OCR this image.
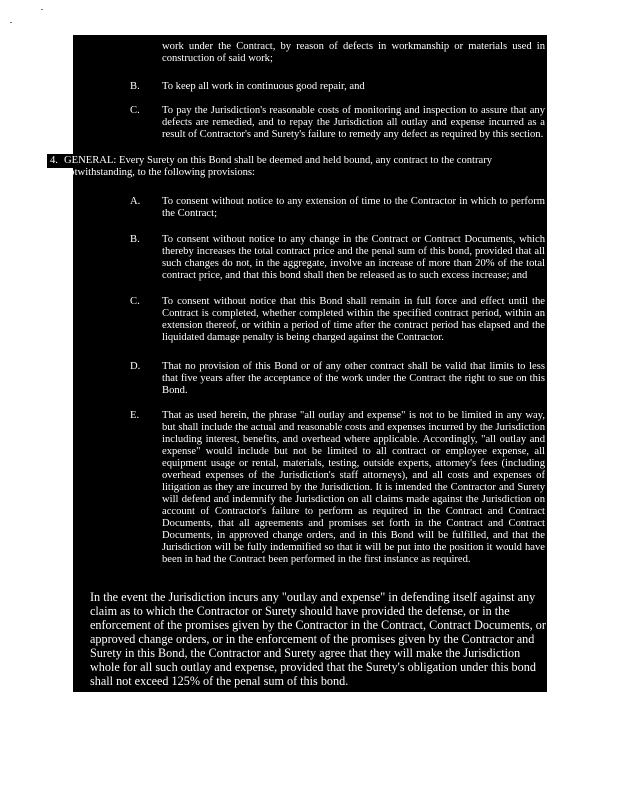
work under the Contract, by reason of defects in workmanship or materials used in
construction of said work;
B. To keep all work in continuous good repair, and
C. To pay the Jurisdiction's reasonable costs of monitoring and inspection to assure that any
defects are remedied, and to repay the Jurisdiction all outlay and expense incurred as a
result of Contractor's and Surety's failure to remedy any defect as required by this section.
4. GENERAL: Every Surety on this Bond shall be deemed and held bound, any contract to the contrary
notwithstanding, to the following provisions:
A. To consent without notice to any extension of time to the Contractor in which to perform
the Contract;
B. To consent without notice to any change in the Contract or Contract Documents, which
thereby increases the total contract price and the penal sum of this bond, provided that all
such changes do not, in the aggregate, involve an increase of more than 20% of the total
contract price, and that this bond shall then be released as to such excess increase; and
C. To consent without notice that this Bond shall remain in full force and effect until the
Contract is completed, whether completed within the specified contract period, within an
extension thereof, or within a period of time after the contract period has elapsed and the
liquidated damage penalty is being charged against the Contractor.
D. That no provision of this Bond or of any other contract shall be valid that limits to less
that five years after the acceptance of the work under the Contract the right to sue on this
Bond.
E. That as used herein, the phrase "all outlay and expense" is not to be limited in any way,
but shall include the actual and reasonable costs and expenses incurred by the Jurisdiction
including interest, benefits, and overhead where applicable. Accordingly, "all outlay and
expense" would include but not be limited to all contract or employee expense, all
equipment usage or rental, materials, testing, outside experts, attorney's fees (including
overhead expenses of the Jurisdiction's staff attorneys), and all costs and expenses of
litigation as they are incurred by the Jurisdiction. It is intended the Contractor and Surety
will defend and indemnify the Jurisdiction on all claims made against the Jurisdiction on
account of Contractor's failure to perform as required in the Contract and Contract
Documents, that all agreements and promises set forth in the Contract and Contract
Documents, in approved change orders, and in this Bond will be fulfilled, and that the
Jurisdiction will be fully indemnified so that it will be put into the position it would have
been in had the Contract been performed in the first instance as required.
In the event the Jurisdiction incurs any "outlay and expense" in defending itself against any
claim as to which the Contractor or Surety should have provided the defense, or in the
enforcement of the promises given by the Contractor in the Contract, Contract Documents, or
approved change orders, or in the enforcement of the promises given by the Contractor and
Surety in this Bond, the Contractor and Surety agree that they will make the Jurisdiction
whole for all such outlay and expense, provided that the Surety's obligation under this bond
shall not exceed 125% of the penal sum of this bond.
